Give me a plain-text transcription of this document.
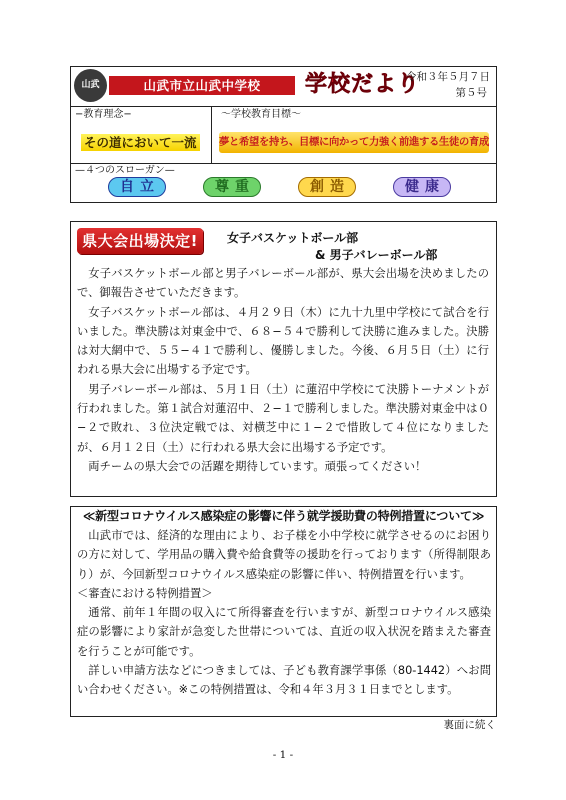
山武	山武市立山武中学校	学校だより
令和３年５月７日
第５号
−教育理念−
その道において一流
〜学校教育目標〜
夢と希望を持ち、目標に向かって力強く前進する生徒の育成
—４つのスローガン—
自立	尊重	創造	健康
県大会出場決定!	女子バスケットボール部
& 男子バレーボール部

女子バスケットボール部と男子バレーボール部が、県大会出場を決めましたので、御報告させていただきます。

女子バスケットボール部は、４月２９日（木）に九十九里中学校にて試合を行いました。準決勝は対東金中で、６８−５４で勝利して決勝に進みました。決勝は対大網中で、５５−４１で勝利し、優勝しました。今後、６月５日（土）に行われる県大会に出場する予定です。

男子バレーボール部は、５月１日（土）に蓮沼中学校にて決勝トーナメントが行われました。第１試合対蓮沼中、２−１で勝利しました。準決勝対東金中は０−２で敗れ、３位決定戦では、対横芝中に１−２で惜敗して４位になりましたが、６月１２日（土）に行われる県大会に出場する予定です。

両チームの県大会での活躍を期待しています。頑張ってください！

≪新型コロナウイルス感染症の影響に伴う就学援助費の特例措置について≫

山武市では、経済的な理由により、お子様を小中学校に就学させるのにお困りの方に対して、学用品の購入費や給食費等の援助を行っております（所得制限あり）が、今回新型コロナウイルス感染症の影響に伴い、特例措置を行います。

＜審査における特例措置＞

通常、前年１年間の収入にて所得審査を行いますが、新型コロナウイルス感染症の影響により家計が急変した世帯については、直近の収入状況を踏まえた審査を行うことが可能です。

詳しい申請方法などにつきましては、子ども教育課学事係（80-1442）へお問い合わせください。※この特例措置は、令和４年３月３１日までとします。

裏面に続く
- 1 -
